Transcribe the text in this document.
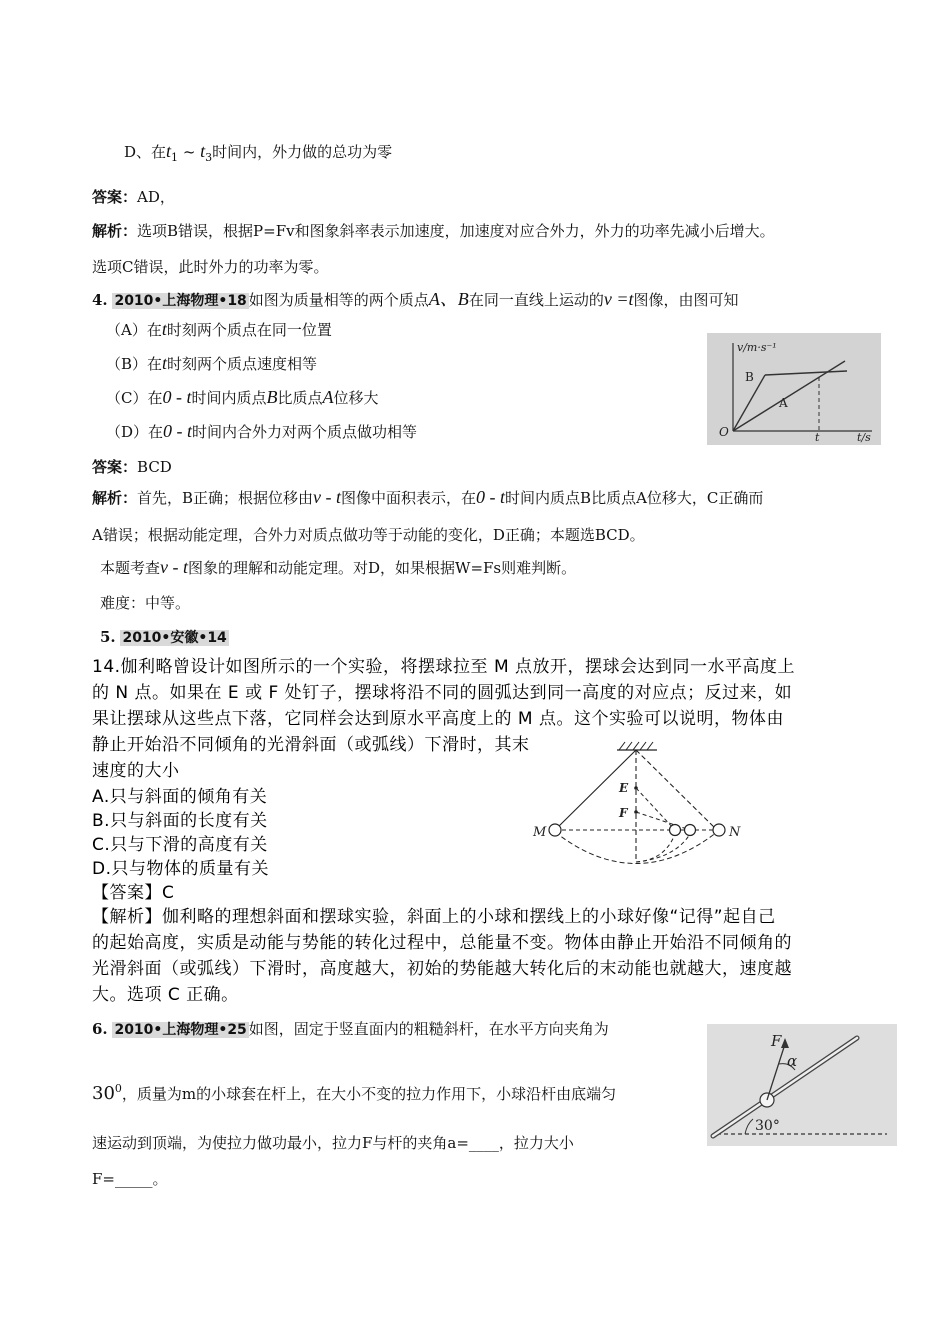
D、在$t_1$ ~ $t_3$时间内，外力做的总功为零
答案：AD，
解析：选项B错误，根据P=Fv和图象斜率表示加速度，加速度对应合外力，外力的功率先减小后增大。
选项C错误，此时外力的功率为零。
4. 2010•上海物理•18 如图为质量相等的两个质点A、B在同一直线上运动的v =t图像，由图可知
（A）在t时刻两个质点在同一位置
（B）在t时刻两个质点速度相等
（C）在0 - t时间内质点B比质点A位移大
（D）在0 - t时间内合外力对两个质点做功相等
v/m·s⁻¹
B
A
O	t	t/s
答案：BCD
解析：首先，B正确；根据位移由v - t图像中面积表示，在0 - t时间内质点B比质点A位移大，C正确而
A错误；根据动能定理，合外力对质点做功等于动能的变化，D正确；本题选BCD。
本题考查v - t图象的理解和动能定理。对D，如果根据W=Fs则难判断。
难度：中等。
5. 2010•安徽•14
14.伽利略曾设计如图所示的一个实验，将摆球拉至 M 点放开，摆球会达到同一水平高度上
的 N 点。如果在 E 或 F 处钉子，摆球将沿不同的圆弧达到同一高度的对应点；反过来，如
果让摆球从这些点下落，它同样会达到原水平高度上的 M 点。这个实验可以说明，物体由
静止开始沿不同倾角的光滑斜面（或弧线）下滑时，其末
速度的大小
A.只与斜面的倾角有关
B.只与斜面的长度有关
C.只与下滑的高度有关
D.只与物体的质量有关
【答案】C
【解析】伽利略的理想斜面和摆球实验，斜面上的小球和摆线上的小球好像“记得”起自己
的起始高度，实质是动能与势能的转化过程中，总能量不变。物体由静止开始沿不同倾角的
光滑斜面（或弧线）下滑时，高度越大，初始的势能越大转化后的末动能也就越大，速度越
大。选项 C 正确。
M	N
E
F
6. 2010•上海物理•25 如图，固定于竖直面内的粗糙斜杆，在水平方向夹角为
$30^0$，质量为m的小球套在杆上，在大小不变的拉力作用下，小球沿杆由底端匀
速运动到顶端，为使拉力做功最小，拉力F与杆的夹角a=____，拉力大小
F=_____。
F
α
30°
